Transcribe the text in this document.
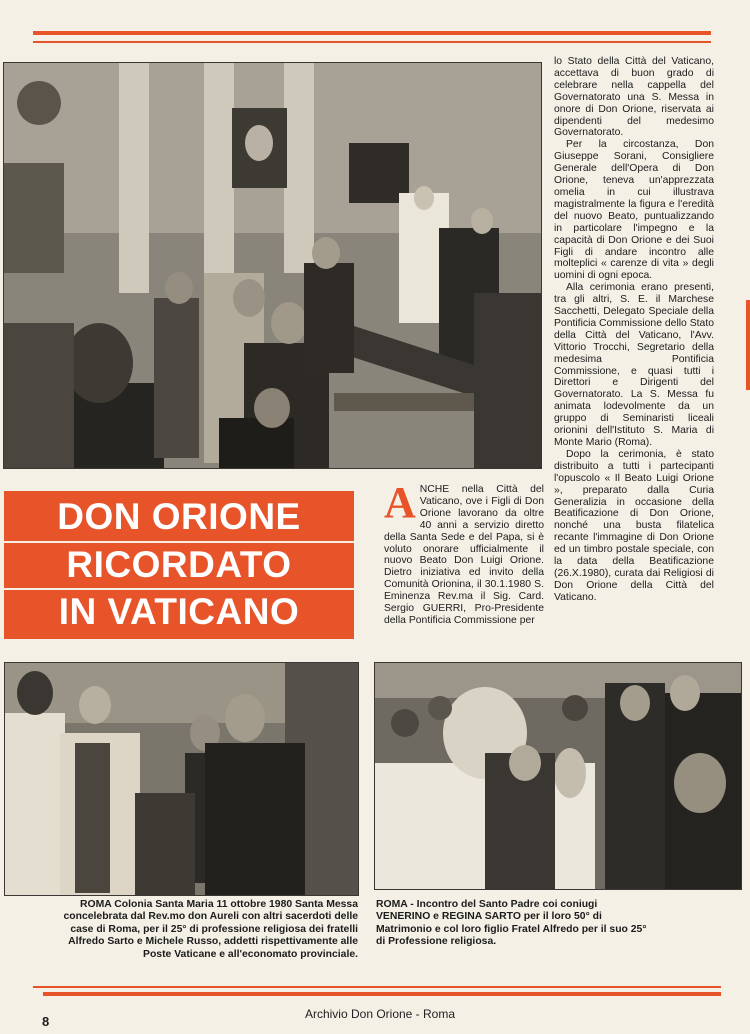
lo Stato della Città del Vaticano, accettava di buon grado di celebrare nella cappella del Governatorato una S. Messa in onore di Don Orione, riservata ai dipendenti del medesimo Governatorato.

Per la circostanza, Don Giuseppe Sorani, Consigliere Generale dell'Opera di Don Orione, teneva un'apprezzata omelia in cui illustrava magistralmente la figura e l'eredità del nuovo Beato, puntualizzando in particolare l'impegno e la capacità di Don Orione e dei Suoi Figli di andare incontro alle molteplici « carenze di vita » degli uomini di ogni epoca.

Alla cerimonia erano presenti, tra gli altri, S. E. il Marchese Sacchetti, Delegato Speciale della Pontificia Commissione dello Stato della Città del Vaticano, l'Avv. Vittorio Trocchi, Segretario della medesima Pontificia Commissione, e quasi tutti i Direttori e Dirigenti del Governatorato. La S. Messa fu animata lodevolmente da un gruppo di Seminaristi liceali orionini dell'Istituto S. Maria di Monte Mario (Roma).

Dopo la cerimonia, è stato distribuito a tutti i partecipanti l'opuscolo « Il Beato Luigi Orione », preparato dalla Curia Generalizia in occasione della Beatificazione di Don Orione, nonché una busta filatelica recante l'immagine di Don Orione ed un timbro postale speciale, con la data della Beatificazione (26.X.1980), curata dai Religiosi di Don Orione della Città del Vaticano.

DON ORIONE
RICORDATO
IN VATICANO

ANCHE nella Città del Vaticano, ove i Figli di Don Orione lavorano da oltre 40 anni a servizio diretto della Santa Sede e del Papa, si è voluto onorare ufficialmente il nuovo Beato Don Luigi Orione. Dietro iniziativa ed invito della Comunità Orionina, il 30.1.1980 S. Eminenza Rev.ma il Sig. Card. Sergio GUERRI, Pro-Presidente della Pontificia Commissione per

ROMA Colonia Santa Maria 11 ottobre 1980 Santa Messa concelebrata dal Rev.mo don Aureli con altri sacerdoti delle case di Roma, per il 25° di professione religiosa dei fratelli Alfredo Sarto e Michele Russo, addetti rispettivamente alle Poste Vaticane e all'economato provinciale.
ROMA - Incontro del Santo Padre coi coniugi VENERINO e REGINA SARTO per il loro 50° di Matrimonio e col loro figlio Fratel Alfredo per il suo 25° di Professione religiosa.
Archivio Don Orione - Roma
8
